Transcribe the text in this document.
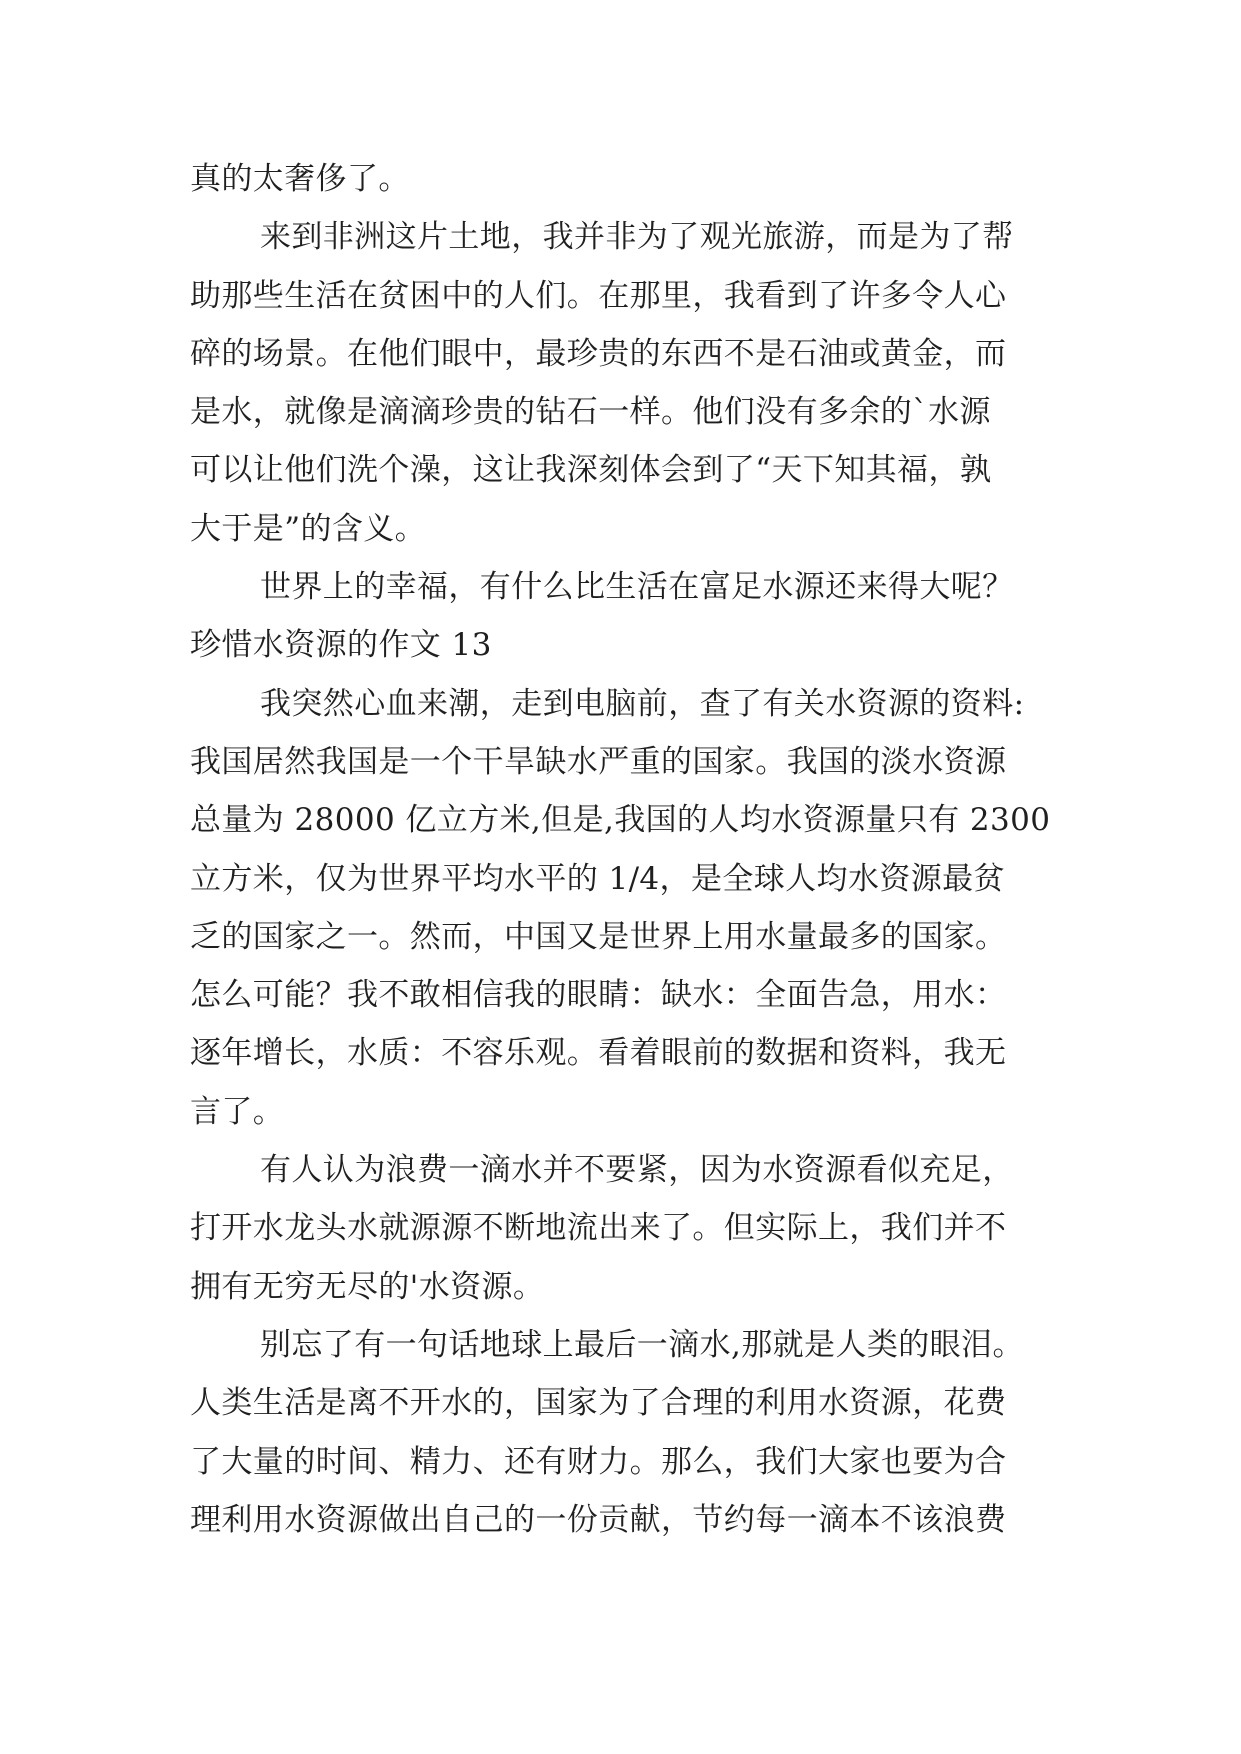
真的太奢侈了。
来到非洲这片土地，我并非为了观光旅游，而是为了帮
助那些生活在贫困中的人们。在那里，我看到了许多令人心
碎的场景。在他们眼中，最珍贵的东西不是石油或黄金，而
是水，就像是滴滴珍贵的钻石一样。他们没有多余的`水源
可以让他们洗个澡，这让我深刻体会到了“天下知其福，孰
大于是”的含义。
世界上的幸福，有什么比生活在富足水源还来得大呢？
珍惜水资源的作文 13
我突然心血来潮，走到电脑前，查了有关水资源的资料:
我国居然我国是一个干旱缺水严重的国家。我国的淡水资源
总量为 28000 亿立方米,但是,我国的人均水资源量只有 2300
立方米，仅为世界平均水平的 1/4，是全球人均水资源最贫
乏的国家之一。然而，中国又是世界上用水量最多的国家。
怎么可能？我不敢相信我的眼睛：缺水：全面告急，用水：
逐年增长，水质：不容乐观。看着眼前的数据和资料，我无
言了。
有人认为浪费一滴水并不要紧，因为水资源看似充足，
打开水龙头水就源源不断地流出来了。但实际上，我们并不
拥有无穷无尽的'水资源。
别忘了有一句话地球上最后一滴水,那就是人类的眼泪。
人类生活是离不开水的，国家为了合理的利用水资源，花费
了大量的时间、精力、还有财力。那么，我们大家也要为合
理利用水资源做出自己的一份贡献，节约每一滴本不该浪费
